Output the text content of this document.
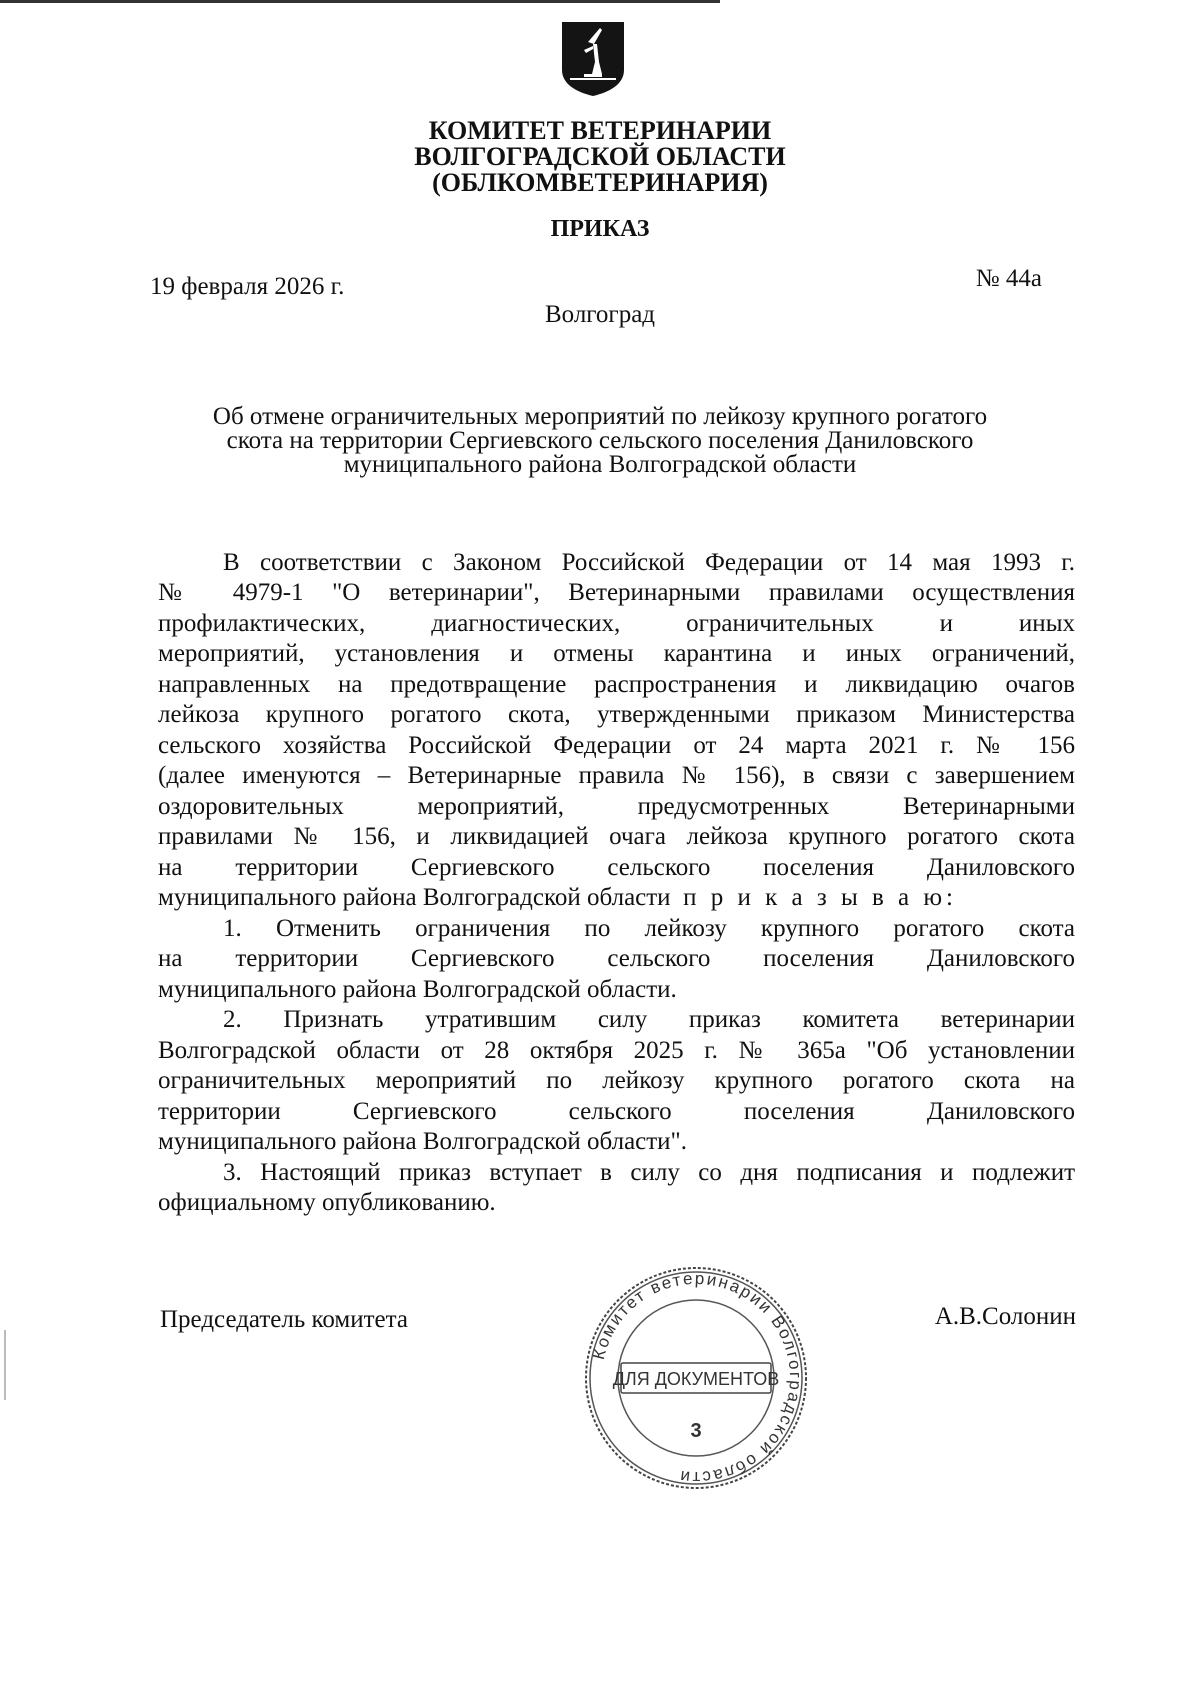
КОМИТЕТ ВЕТЕРИНАРИИ
ВОЛГОГРАДСКОЙ ОБЛАСТИ
(ОБЛКОМВЕТЕРИНАРИЯ)
ПРИКАЗ
19 февраля 2026 г.	№ 44а
Волгоград
Об отмене ограничительных мероприятий по лейкозу крупного рогатого
скота на территории Сергиевского сельского поселения Даниловского
муниципального района Волгоградской области
В соответствии с Законом Российской Федерации от 14 мая 1993 г.
№ 4979-1 "О ветеринарии", Ветеринарными правилами осуществления
профилактических, диагностических, ограничительных и иных
мероприятий, установления и отмены карантина и иных ограничений,
направленных на предотвращение распространения и ликвидацию очагов
лейкоза крупного рогатого скота, утвержденными приказом Министерства
сельского хозяйства Российской Федерации от 24 марта 2021 г. № 156
(далее именуются – Ветеринарные правила № 156), в связи с завершением
оздоровительных мероприятий, предусмотренных Ветеринарными
правилами № 156, и ликвидацией очага лейкоза крупного рогатого скота
на территории Сергиевского сельского поселения Даниловского
муниципального района Волгоградской области п р и к а з ы в а ю:
1. Отменить ограничения по лейкозу крупного рогатого скота
на территории Сергиевского сельского поселения Даниловского
муниципального района Волгоградской области.
2. Признать утратившим силу приказ комитета ветеринарии
Волгоградской области от 28 октября 2025 г. № 365а "Об установлении
ограничительных мероприятий по лейкозу крупного рогатого скота на
территории Сергиевского сельского поселения Даниловского
муниципального района Волгоградской области".
3. Настоящий приказ вступает в силу со дня подписания и подлежит
официальному опубликованию.
Председатель комитета	А.В.Солонин
Комитет ветеринарии Волгоградской области
ДЛЯ ДОКУМЕНТОВ
3
